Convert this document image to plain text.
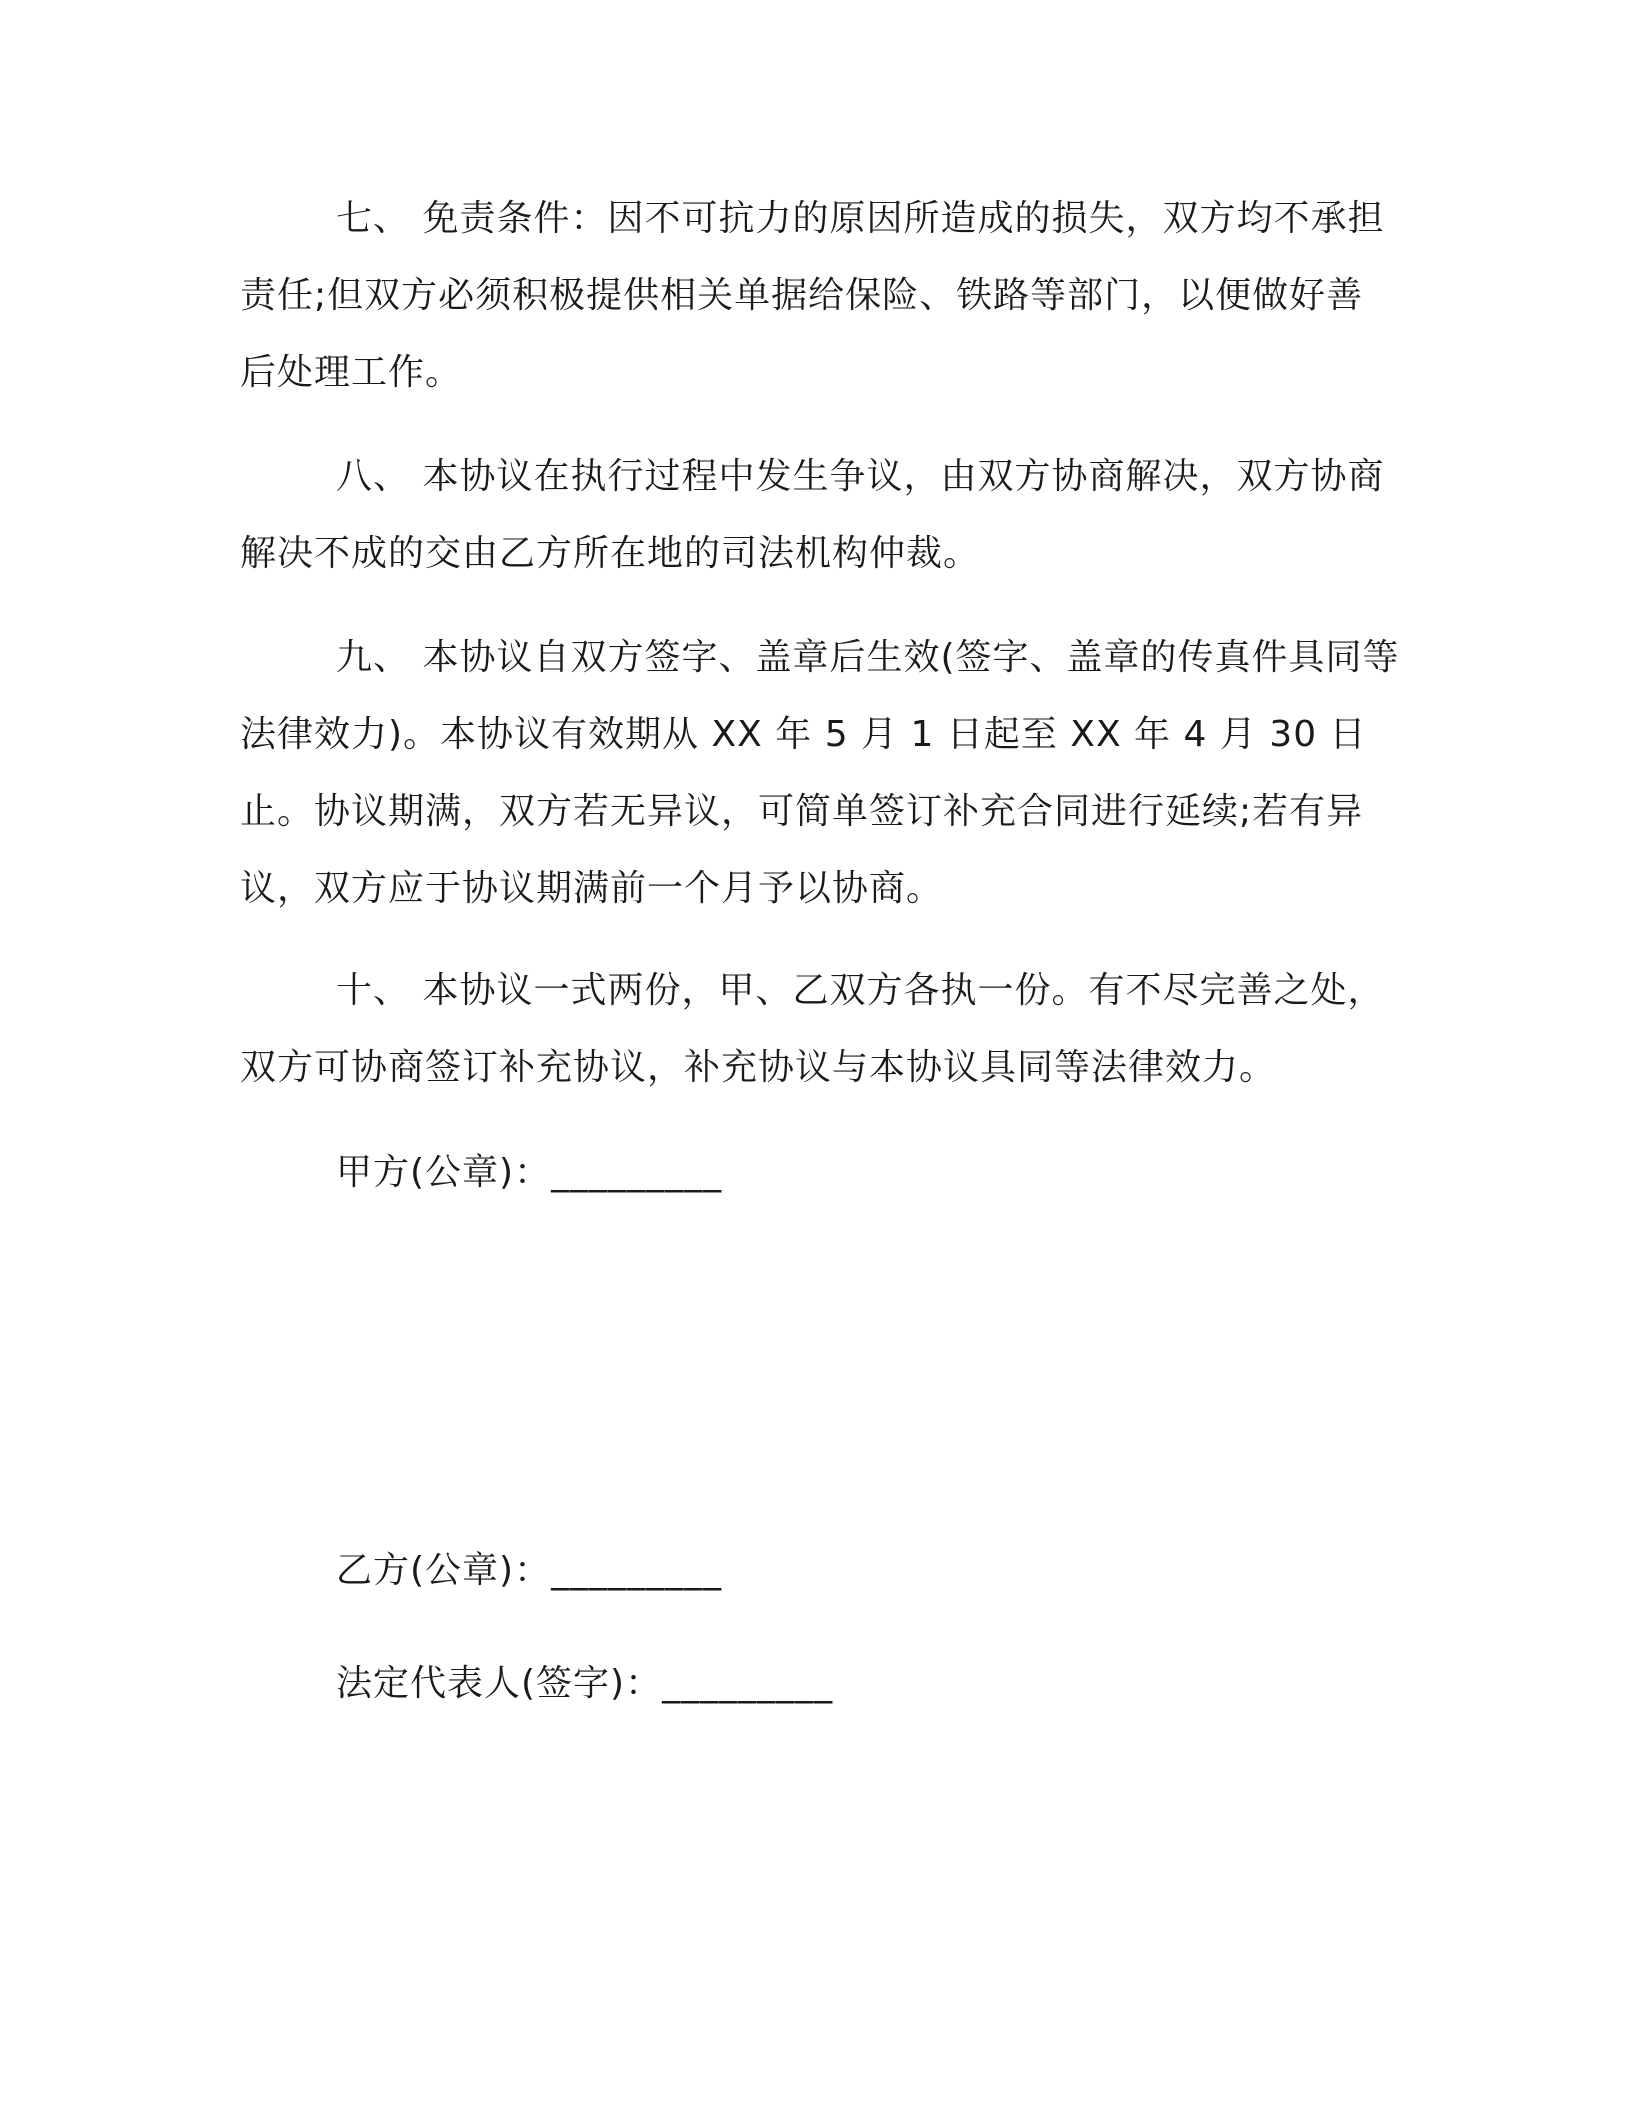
七、 免责条件：因不可抗力的原因所造成的损失，双方均不承担责任;但双方必须积极提供相关单据给保险、铁路等部门，以便做好善后处理工作。

八、 本协议在执行过程中发生争议，由双方协商解决，双方协商解决不成的交由乙方所在地的司法机构仲裁。

九、 本协议自双方签字、盖章后生效(签字、盖章的传真件具同等法律效力)。本协议有效期从 XX 年 5 月 1 日起至 XX 年 4 月 30 日止。协议期满，双方若无异议，可简单签订补充合同进行延续;若有异议，双方应于协议期满前一个月予以协商。

十、 本协议一式两份，甲、乙双方各执一份。有不尽完善之处，双方可协商签订补充协议，补充协议与本协议具同等法律效力。

甲方(公章)：_________

乙方(公章)：_________

法定代表人(签字)：_________
